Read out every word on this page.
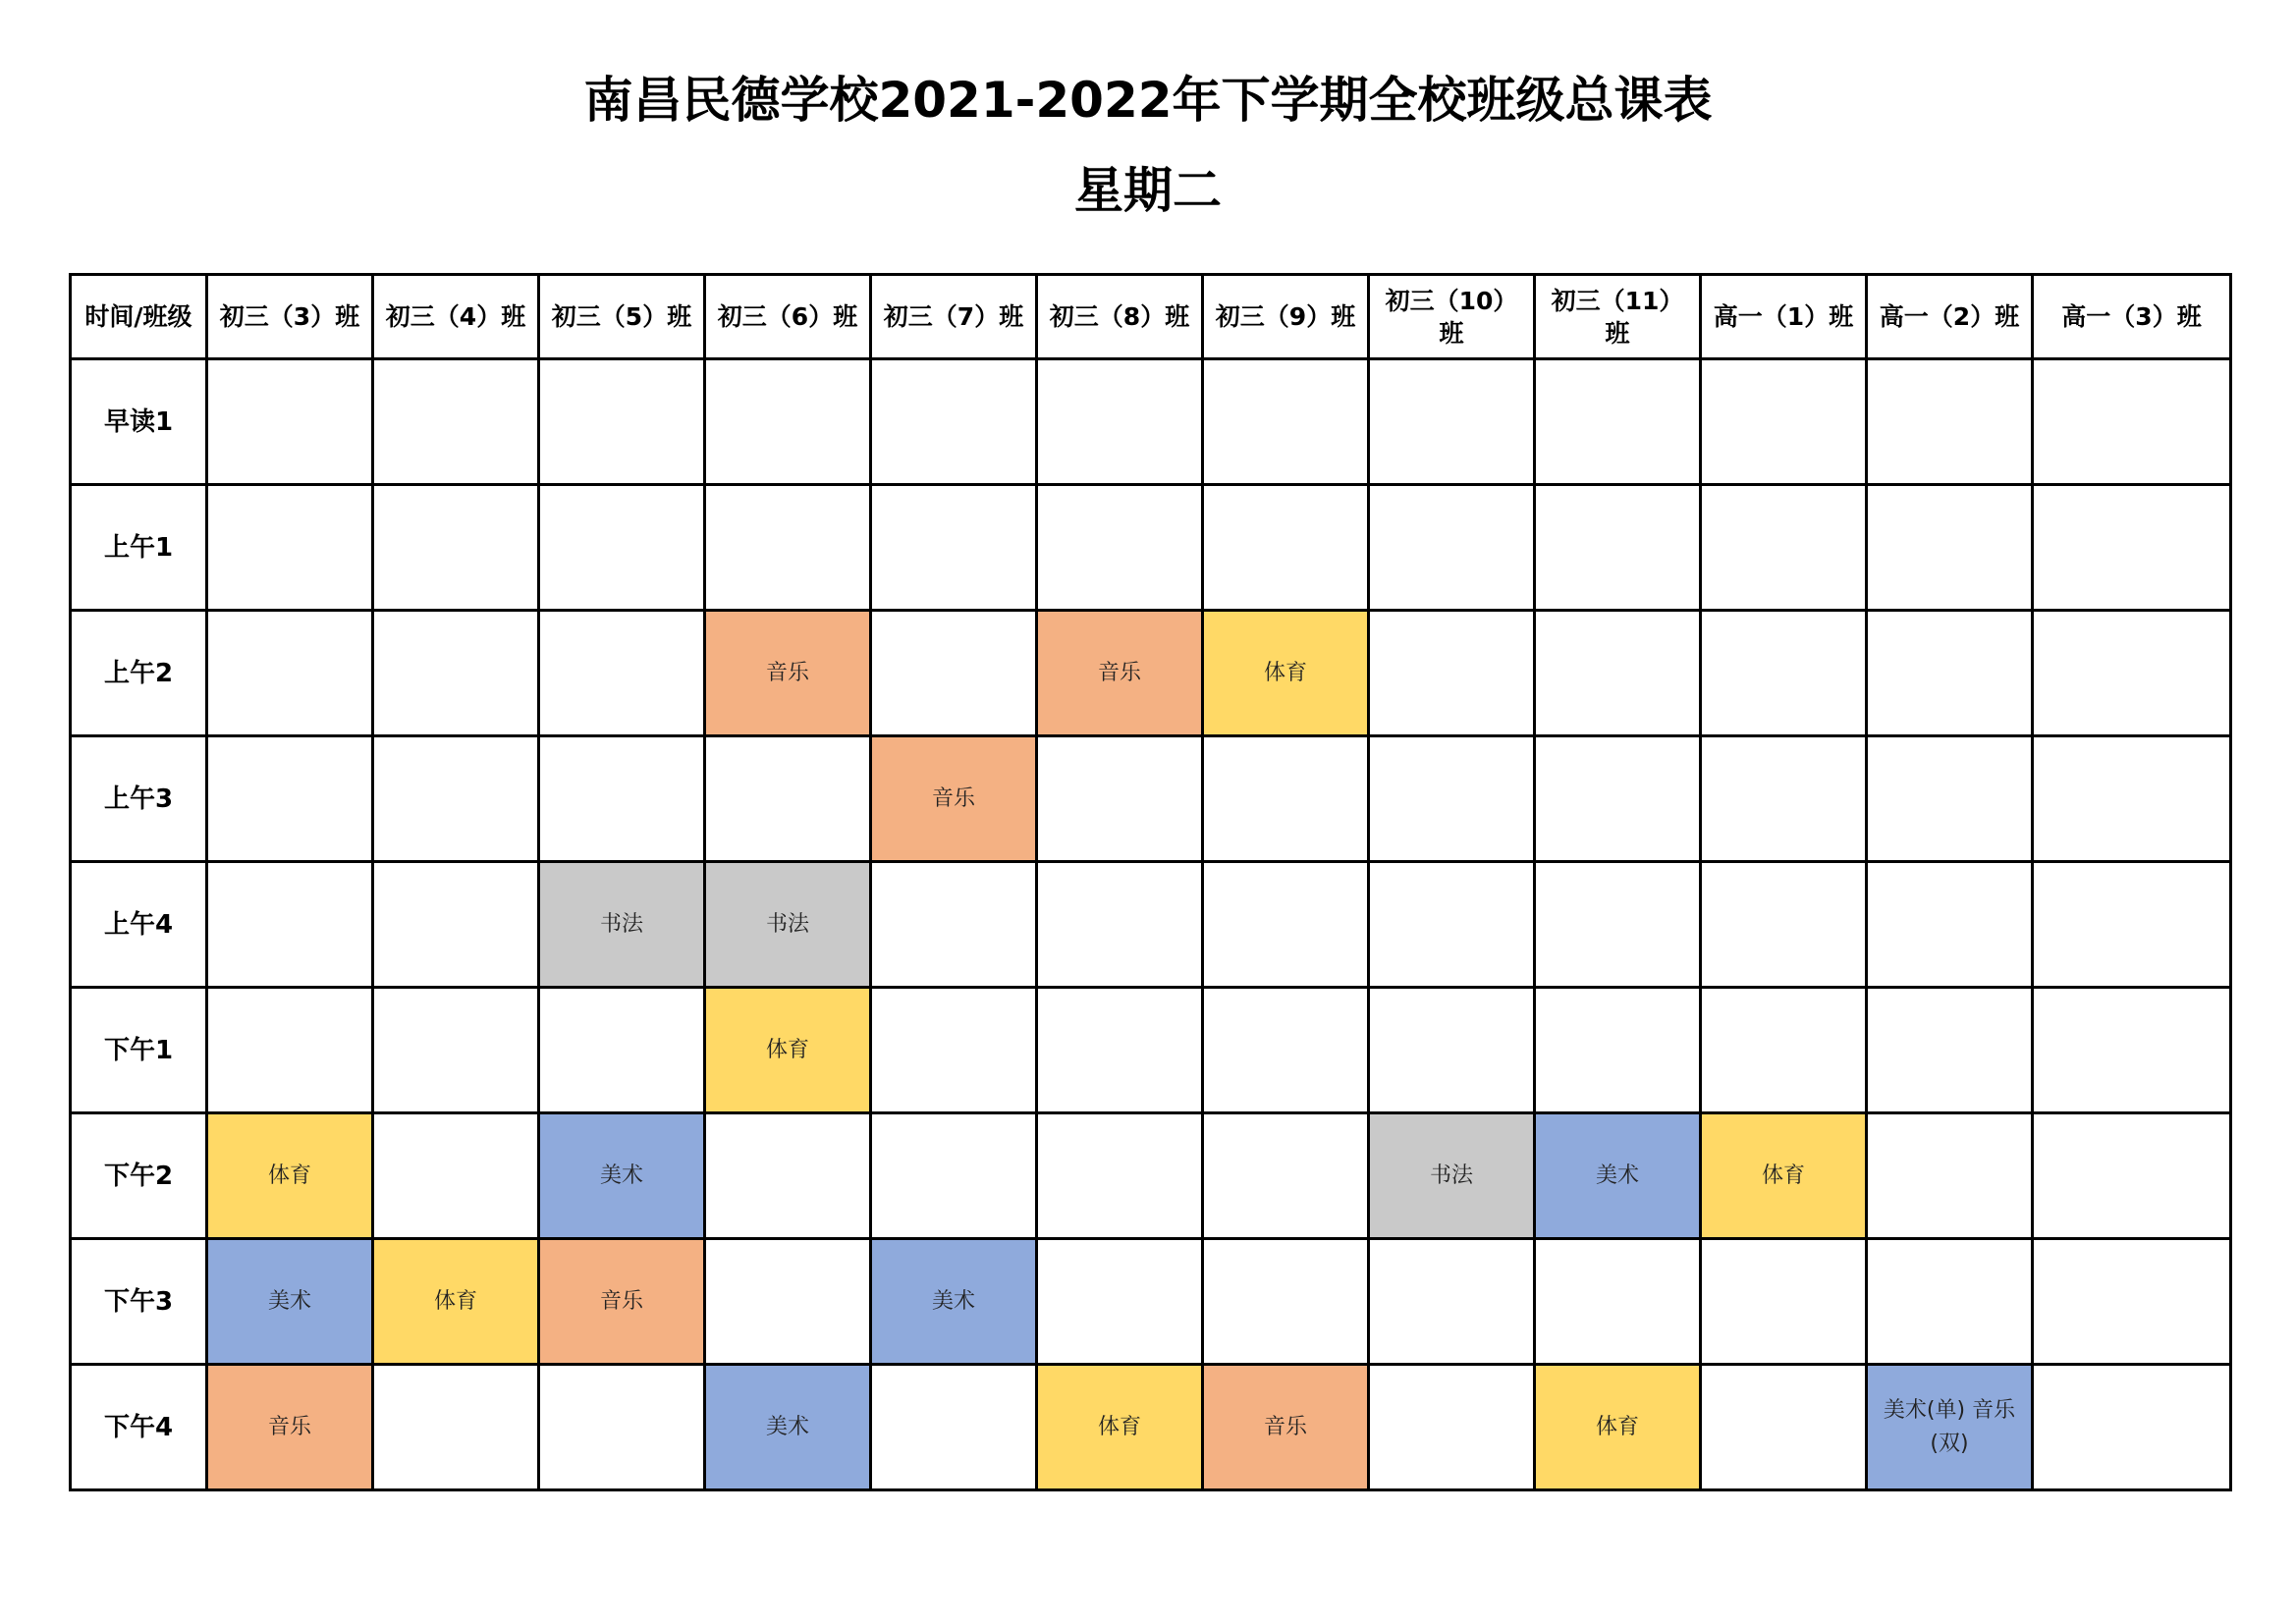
南昌民德学校2021-2022年下学期全校班级总课表
星期二
时间/班级	初三（3）班	初三（4）班	初三（5）班	初三（6）班	初三（7）班	初三（8）班	初三（9）班	初三（10）班	初三（11）班	高一（1）班	高一（2）班	高一（3）班
早读1												
上午1												
上午2				音乐		音乐	体育					
上午3					音乐							
上午4			书法	书法								
下午1				体育								
下午2	体育		美术					书法	美术	体育		
下午3	美术	体育	音乐		美术							
下午4	音乐			美术		体育	音乐		体育		美术(单) 音乐(双)	
